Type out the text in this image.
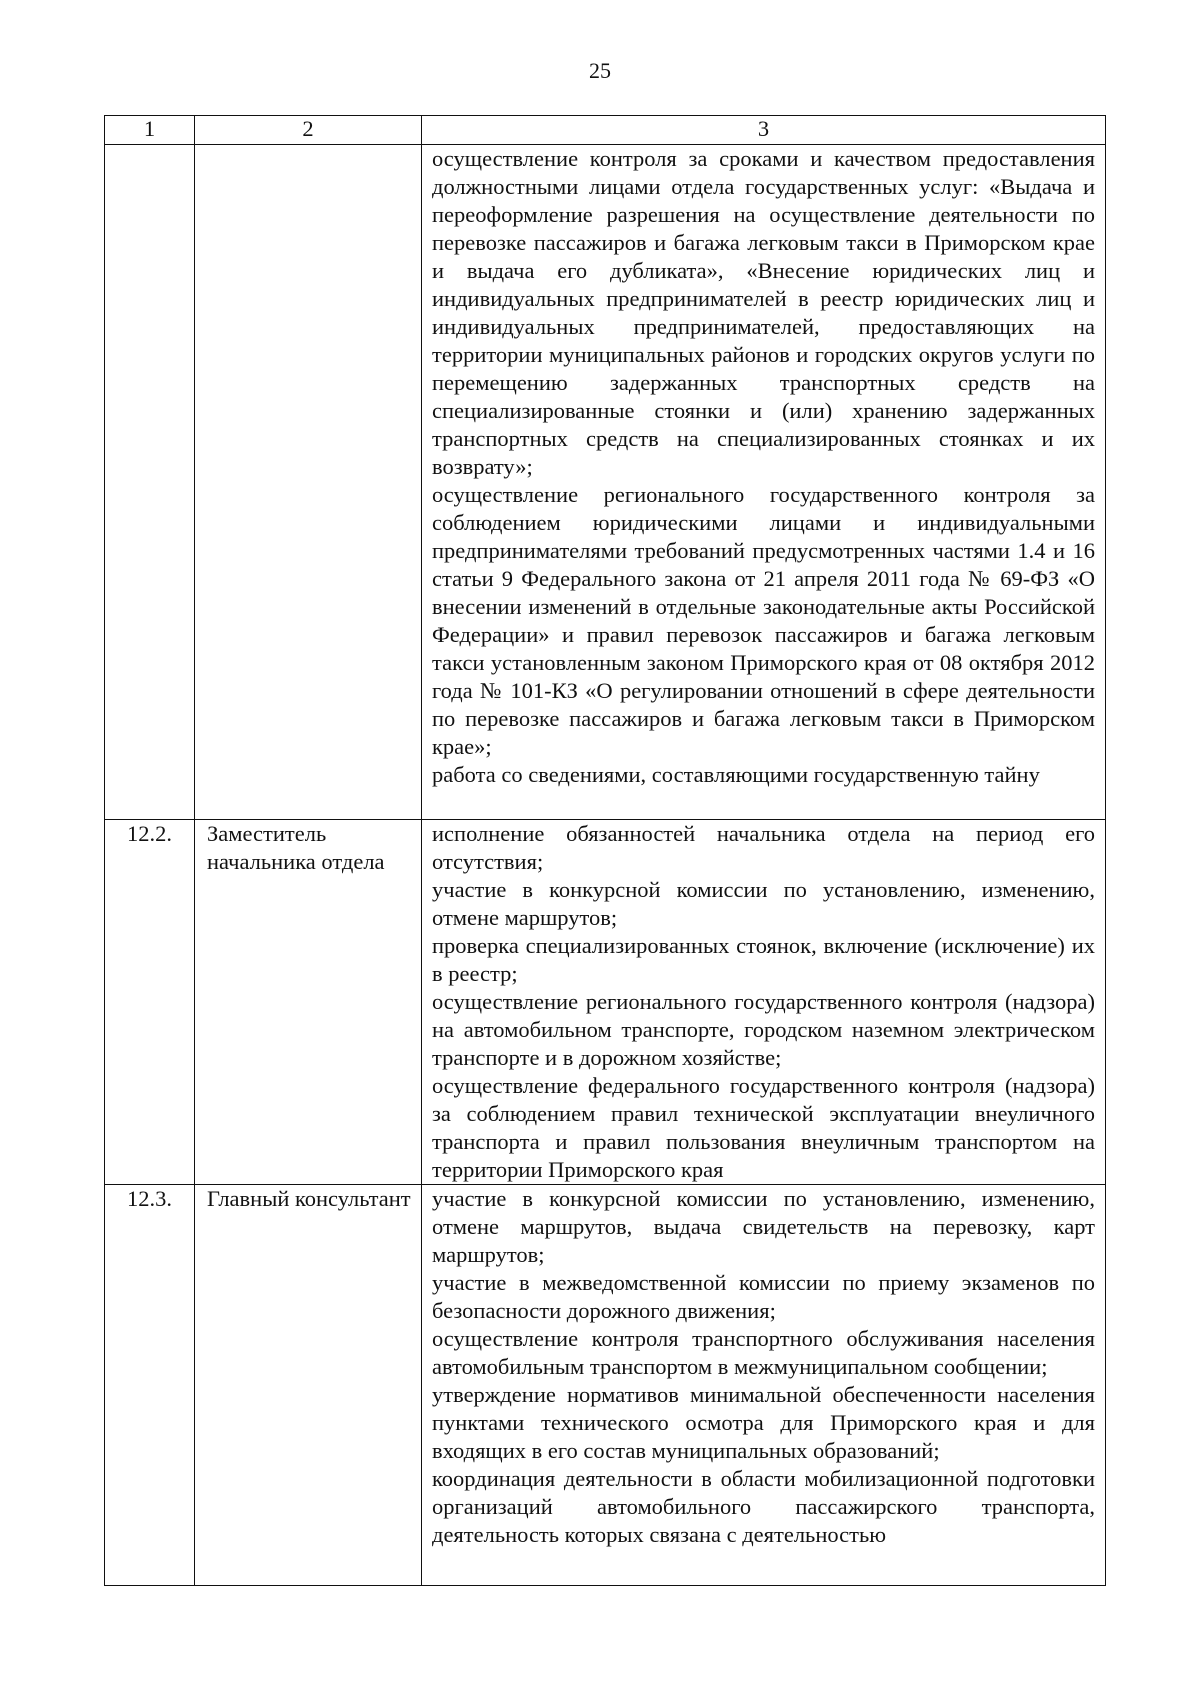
25
1	2	3

		осуществление контроля за сроками и качеством предоставления должностными лицами отдела государственных услуг: «Выдача и переоформление разрешения на осуществление деятельности по перевозке пассажиров и багажа легковым такси в Приморском крае и выдача его дубликата», «Внесение юридических лиц и индивидуальных предпринимателей в реестр юридических лиц и индивидуальных предпринимателей, предоставляющих на территории муниципальных районов и городских округов услуги по перемещению задержанных транспортных средств на специализированные стоянки и (или) хранению задержанных транспортных средств на специализированных стоянках и их возврату»;

осуществление регионального государственного контроля за соблюдением юридическими лицами и индивидуальными предпринимателями требований предусмотренных частями 1.4 и 16 статьи 9 Федерального закона от 21 апреля 2011 года № 69-ФЗ «О внесении изменений в отдельные законодательные акты Российской Федерации» и правил перевозок пассажиров и багажа легковым такси установленным законом Приморского края от 08 октября 2012 года № 101-КЗ «О регулировании отношений в сфере деятельности по перевозке пассажиров и багажа легковым такси в Приморском крае»;

работа со сведениями, составляющими государственную тайну

12.2.	Заместитель начальника отдела	исполнение обязанностей начальника отдела на период его отсутствия;

участие в конкурсной комиссии по установлению, изменению, отмене маршрутов;

проверка специализированных стоянок, включение (исключение) их в реестр;

осуществление регионального государственного контроля (надзора) на автомобильном транспорте, городском наземном электрическом транспорте и в дорожном хозяйстве;

осуществление федерального государственного контроля (надзора) за соблюдением правил технической эксплуатации внеуличного транспорта и правил пользования внеуличным транспортом на территории Приморского края

12.3.	Главный консультант	участие в конкурсной комиссии по установлению, изменению, отмене маршрутов, выдача свидетельств на перевозку, карт маршрутов;

участие в межведомственной комиссии по приему экзаменов по безопасности дорожного движения;

осуществление контроля транспортного обслуживания населения автомобильным транспортом в межмуниципальном сообщении;

утверждение нормативов минимальной обеспеченности населения пунктами технического осмотра для Приморского края и для входящих в его состав муниципальных образований;

координация деятельности в области мобилизационной подготовки организаций автомобильного пассажирского транспорта, деятельность которых связана с деятельностью
